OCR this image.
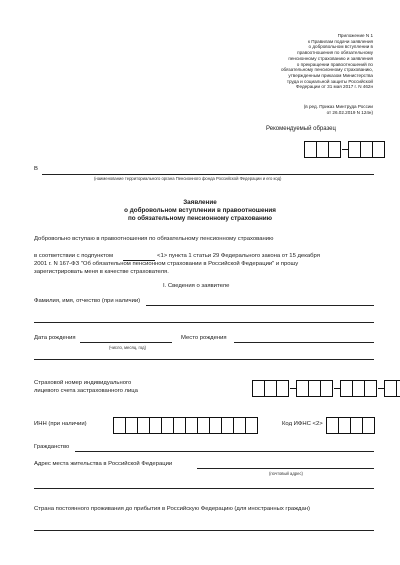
Приложение N 1
к Правилам подачи заявления
о добровольном вступлении в
правоотношения по обязательному
пенсионному страхованию и заявления
о прекращении правоотношений по
обязательному пенсионному страхованию,
утвержденным приказом Министерства
труда и социальной защиты Российской
Федерации от 31 мая 2017 г. N 462н
(в ред. Приказ Минтруда России
от 26.02.2019 N 124н)
Рекомендуемый образец
В
(наименование территориального органа Пенсионного фонда Российской Федерации и его код)
Заявление
о добровольном вступлении в правоотношения
по обязательному пенсионному страхованию
Добровольно вступаю в правоотношения по обязательному пенсионному страхованию
в соответствии с подпунктом	<1> пункта 1 статьи 29 Федерального закона от 15 декабря
2001 г. N 167-ФЗ "Об обязательном пенсионном страховании в Российской Федерации" и прошу
зарегистрировать меня в качестве страхователя.
I. Сведения о заявителе
Фамилия, имя, отчество (при наличии)
Дата рождения
(число, месяц, год)
Место рождения
Страховой номер индивидуального
лицевого счета застрахованного лица
ИНН (при наличии)	Код ИФНС <2>
Гражданство
Адрес места жительства в Российской Федерации
(почтовый адрес)
Страна постоянного проживания до прибытия в Российскую Федерацию (для иностранных граждан)
